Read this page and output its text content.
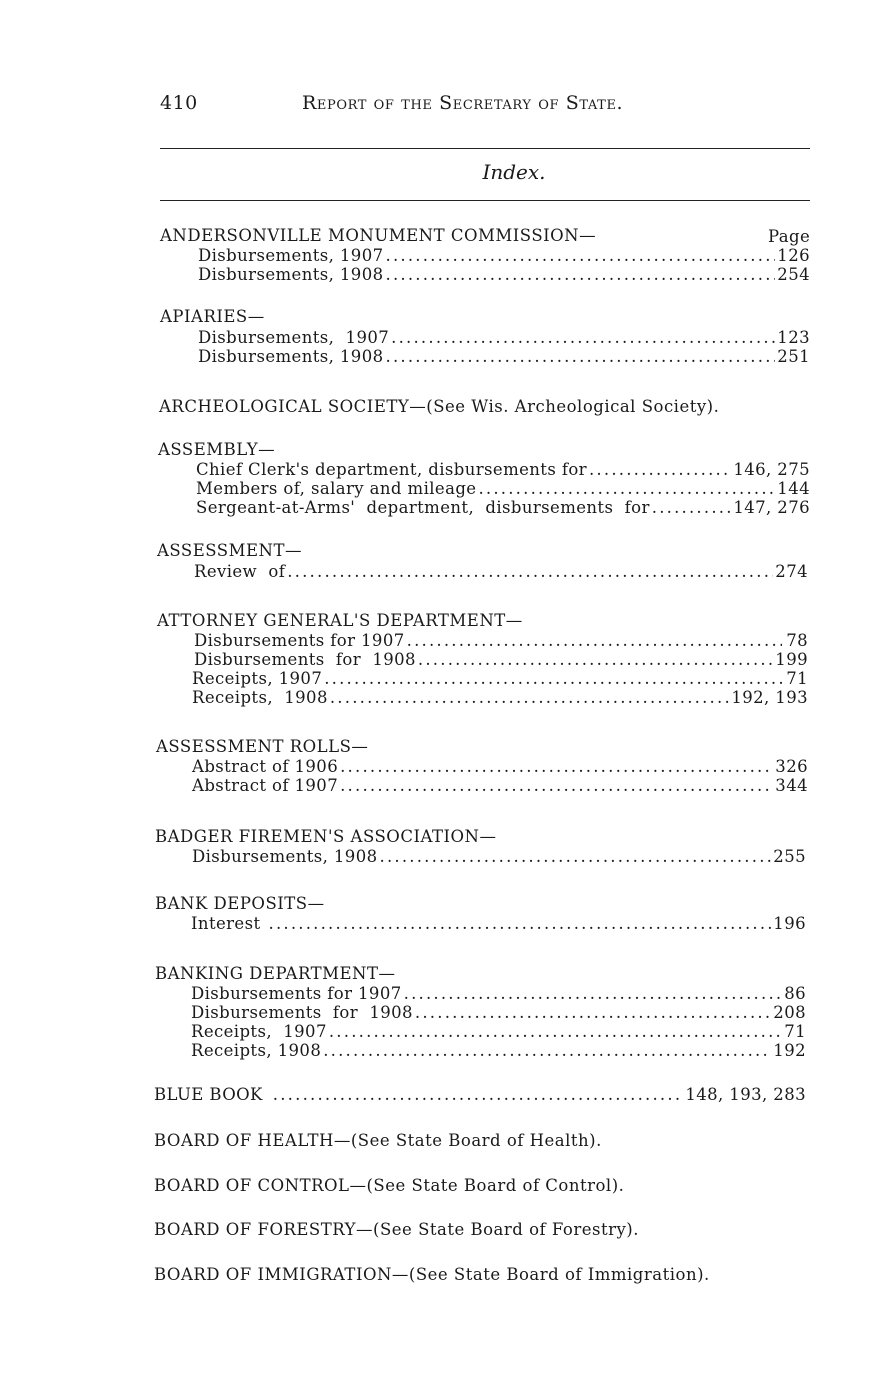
410	Report of the Secretary of State.
Index.
ANDERSONVILLE MONUMENT COMMISSION—	Page
Disbursements, 1907 .....	126
Disbursements, 1908 .....	254
APIARIES—
Disbursements,  1907 .....	123
Disbursements, 1908 .....	251
ARCHEOLOGICAL SOCIETY—(See Wis. Archeological Society).
ASSEMBLY—
Chief Clerk's department, disbursements for .....	146, 275
Members of, salary and mileage .....	144
Sergeant-at-Arms'  department,  disbursements  for .....	147, 276
ASSESSMENT—
Review  of .....	274
ATTORNEY GENERAL'S DEPARTMENT—
Disbursements for 1907 .....	78
Disbursements  for  1908 .....	199
Receipts, 1907 .....	71
Receipts,  1908 .....	192, 193
ASSESSMENT ROLLS—
Abstract of 1906 .....	326
Abstract of 1907 .....	344
BADGER FIREMEN'S ASSOCIATION—
Disbursements, 1908 .....	255
BANK DEPOSITS—
Interest .....	196
BANKING DEPARTMENT—
Disbursements for 1907 .....	86
Disbursements  for  1908 .....	208
Receipts,  1907 .....	71
Receipts, 1908 .....	192
BLUE BOOK .....	148, 193, 283
BOARD OF HEALTH—(See State Board of Health).
BOARD OF CONTROL—(See State Board of Control).
BOARD OF FORESTRY—(See State Board of Forestry).
BOARD OF IMMIGRATION—(See State Board of Immigration).
